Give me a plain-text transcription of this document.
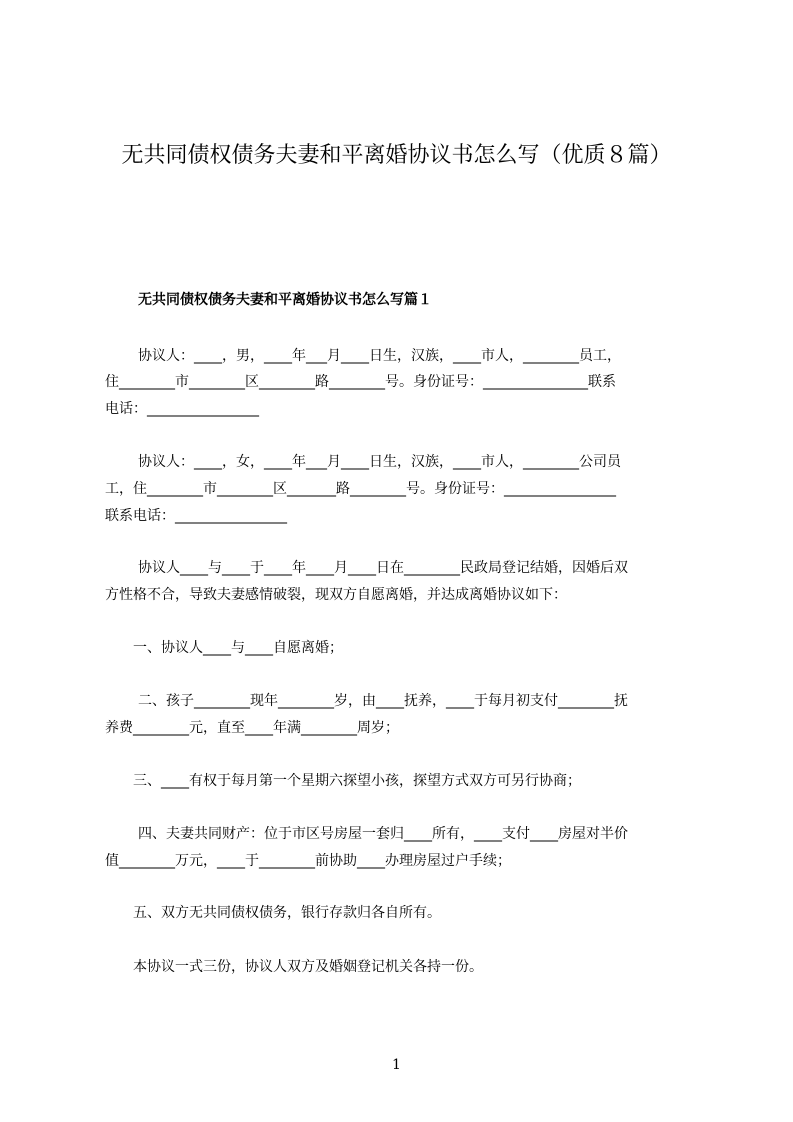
无共同债权债务夫妻和平离婚协议书怎么写（优质８篇）
无共同债权债务夫妻和平离婚协议书怎么写篇１
协议人：____，男，____年___月____日生，汉族，____市人，________员工，
住________市________区________路________号。身份证号：_______________联系
电话：________________
协议人：____，女，____年___月____日生，汉族，____市人，________公司员
工，住________市________区_______路________号。身份证号：________________
联系电话：________________
协议人____与____于____年____月____日在________民政局登记结婚，因婚后双
方性格不合，导致夫妻感情破裂，现双方自愿离婚，并达成离婚协议如下：
一、协议人____与____自愿离婚；
二、孩子________现年________岁，由____抚养，____于每月初支付________抚
养费________元，直至____年满________周岁；
三、____有权于每月第一个星期六探望小孩，探望方式双方可另行协商；
四、夫妻共同财产：位于市区号房屋一套归____所有，____支付____房屋对半价
值________万元，____于________前协助____办理房屋过户手续；
五、双方无共同债权债务，银行存款归各自所有。
本协议一式三份，协议人双方及婚姻登记机关各持一份。
1
